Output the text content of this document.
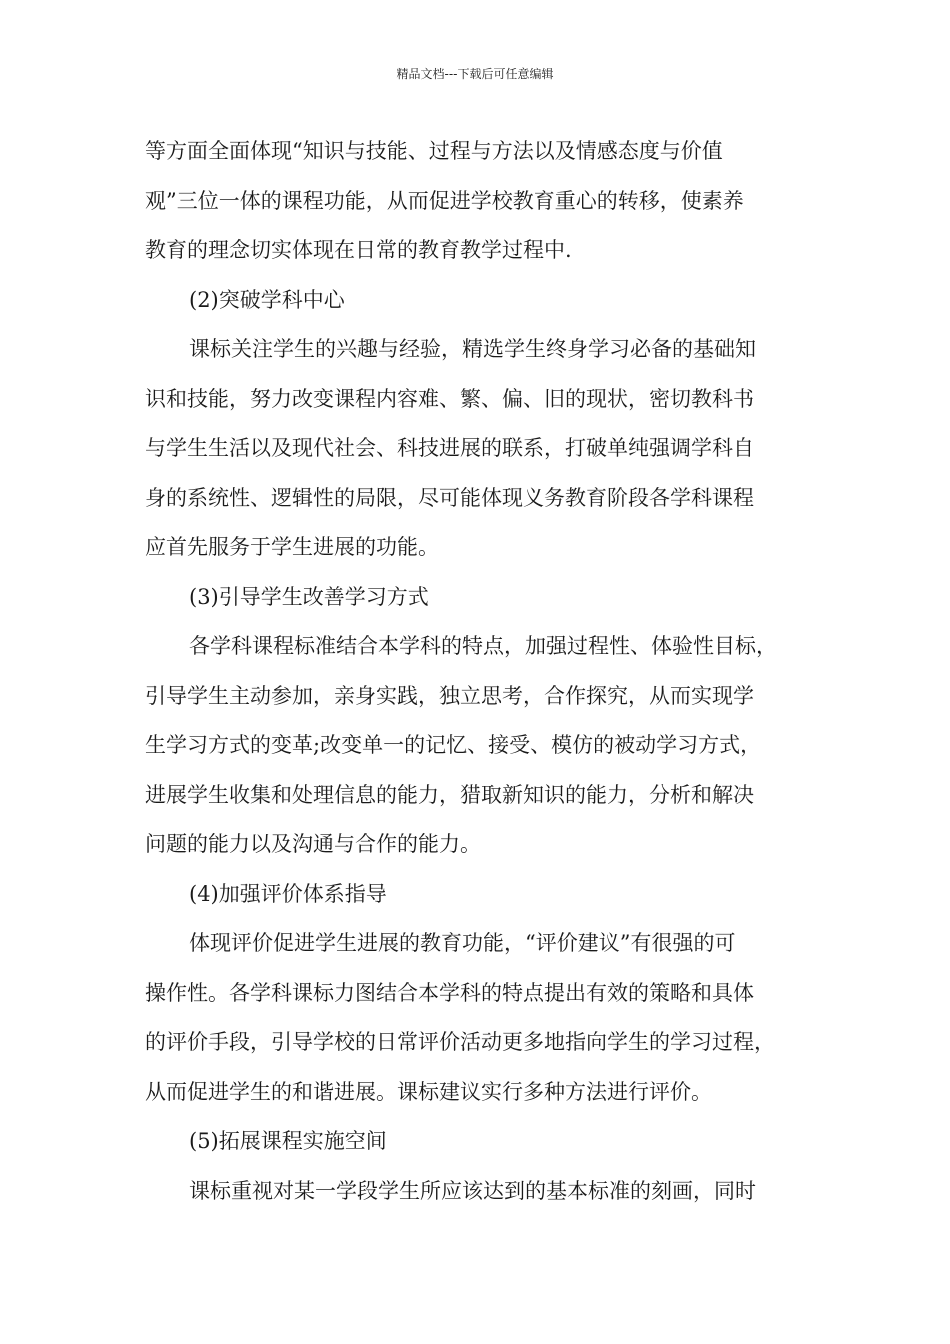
精品文档---下载后可任意编辑
等方面全面体现“知识与技能、过程与方法以及情感态度与价值
观”三位一体的课程功能，从而促进学校教育重心的转移，使素养
教育的理念切实体现在日常的教育教学过程中.
(2)突破学科中心
课标关注学生的兴趣与经验，精选学生终身学习必备的基础知
识和技能，努力改变课程内容难、繁、偏、旧的现状，密切教科书
与学生生活以及现代社会、科技进展的联系，打破单纯强调学科自
身的系统性、逻辑性的局限，尽可能体现义务教育阶段各学科课程
应首先服务于学生进展的功能。
(3)引导学生改善学习方式
各学科课程标准结合本学科的特点，加强过程性、体验性目标，
引导学生主动参加，亲身实践，独立思考，合作探究，从而实现学
生学习方式的变革;改变单一的记忆、接受、模仿的被动学习方式，
进展学生收集和处理信息的能力，猎取新知识的能力，分析和解决
问题的能力以及沟通与合作的能力。
(4)加强评价体系指导
体现评价促进学生进展的教育功能，“评价建议”有很强的可
操作性。各学科课标力图结合本学科的特点提出有效的策略和具体
的评价手段，引导学校的日常评价活动更多地指向学生的学习过程，
从而促进学生的和谐进展。课标建议实行多种方法进行评价。
(5)拓展课程实施空间
课标重视对某一学段学生所应该达到的基本标准的刻画，同时
